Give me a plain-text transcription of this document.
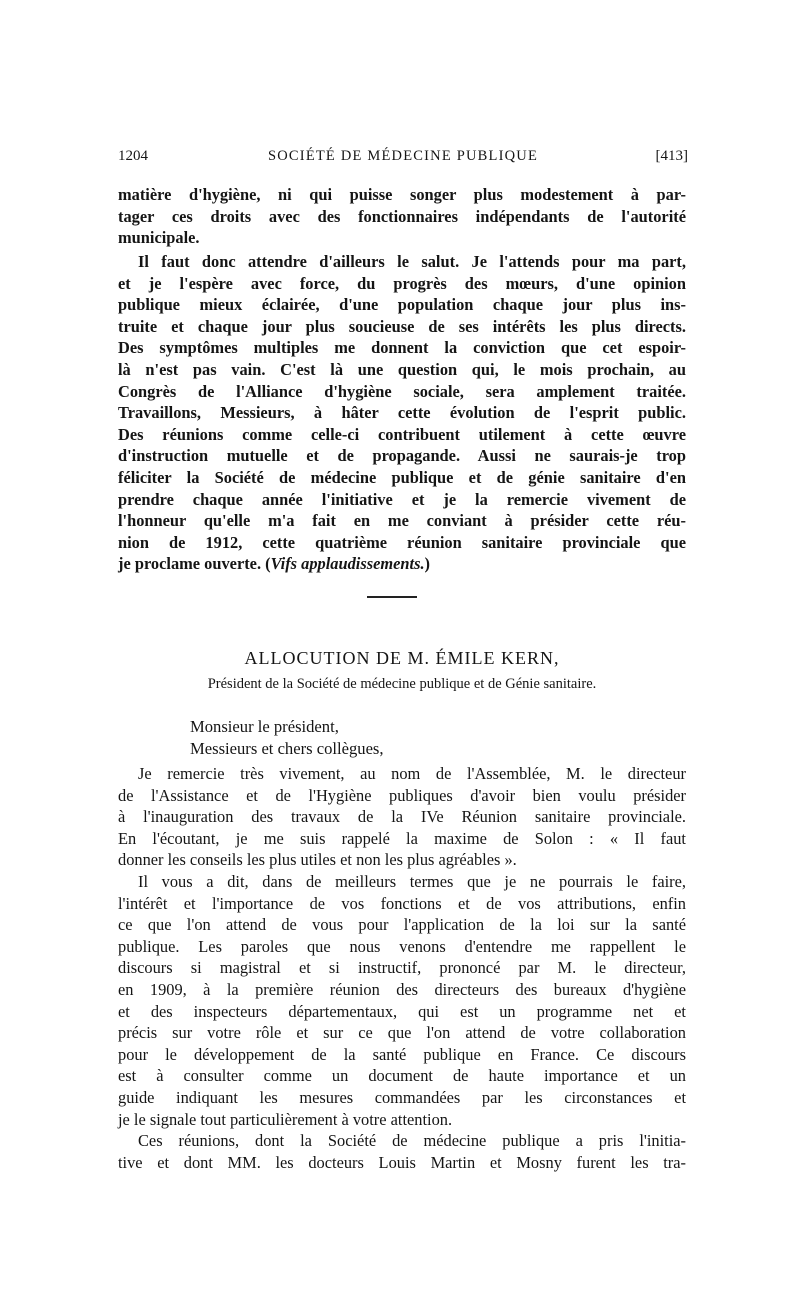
1204	SOCIÉTÉ DE MÉDECINE PUBLIQUE	[413]
matière d'hygiène, ni qui puisse songer plus modestement à par-
tager ces droits avec des fonctionnaires indépendants de l'autorité
municipale.
Il faut donc attendre d'ailleurs le salut. Je l'attends pour ma part,
et je l'espère avec force, du progrès des mœurs, d'une opinion
publique mieux éclairée, d'une population chaque jour plus ins-
truite et chaque jour plus soucieuse de ses intérêts les plus directs.
Des symptômes multiples me donnent la conviction que cet espoir-
là n'est pas vain. C'est là une question qui, le mois prochain, au
Congrès de l'Alliance d'hygiène sociale, sera amplement traitée.
Travaillons, Messieurs, à hâter cette évolution de l'esprit public.
Des réunions comme celle-ci contribuent utilement à cette œuvre
d'instruction mutuelle et de propagande. Aussi ne saurais-je trop
féliciter la Société de médecine publique et de génie sanitaire d'en
prendre chaque année l'initiative et je la remercie vivement de
l'honneur qu'elle m'a fait en me conviant à présider cette réu-
nion de 1912, cette quatrième réunion sanitaire provinciale que
je proclame ouverte. (Vifs applaudissements.)
ALLOCUTION DE M. ÉMILE KERN,
Président de la Société de médecine publique et de Génie sanitaire.
Monsieur le président,
Messieurs et chers collègues,
Je remercie très vivement, au nom de l'Assemblée, M. le directeur
de l'Assistance et de l'Hygiène publiques d'avoir bien voulu présider
à l'inauguration des travaux de la IVe Réunion sanitaire provinciale.
En l'écoutant, je me suis rappelé la maxime de Solon : « Il faut
donner les conseils les plus utiles et non les plus agréables ».
Il vous a dit, dans de meilleurs termes que je ne pourrais le faire,
l'intérêt et l'importance de vos fonctions et de vos attributions, enfin
ce que l'on attend de vous pour l'application de la loi sur la santé
publique. Les paroles que nous venons d'entendre me rappellent le
discours si magistral et si instructif, prononcé par M. le directeur,
en 1909, à la première réunion des directeurs des bureaux d'hygiène
et des inspecteurs départementaux, qui est un programme net et
précis sur votre rôle et sur ce que l'on attend de votre collaboration
pour le développement de la santé publique en France. Ce discours
est à consulter comme un document de haute importance et un
guide indiquant les mesures commandées par les circonstances et
je le signale tout particulièrement à votre attention.
Ces réunions, dont la Société de médecine publique a pris l'initia-
tive et dont MM. les docteurs Louis Martin et Mosny furent les tra-
